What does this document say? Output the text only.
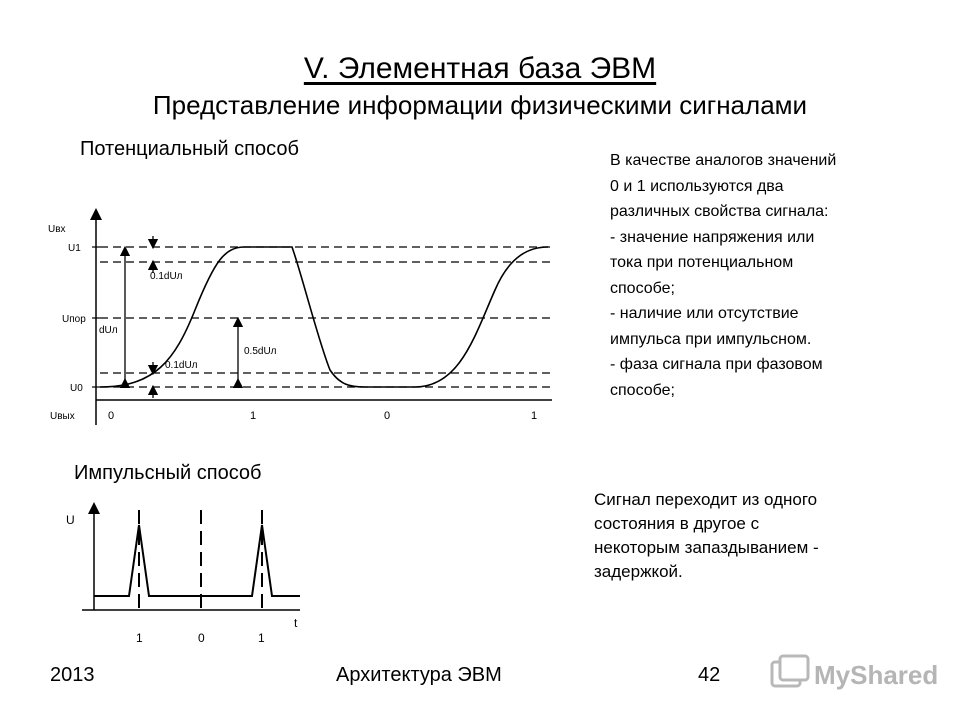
V. Элементная база ЭВМ
Представление информации физическими сигналами
Потенциальный способ
Uвх
U1
Uпор
U0
Uвых
dUл
0.1dUл
0.1dUл
0.5dUл
0	1	0	1
U
t
1	0	1
В качестве аналогов значений
0 и 1 используются два
различных свойства сигнала:
- значение напряжения или
тока при потенциальном
способе;
- наличие или отсутствие
импульса при импульсном.
- фаза сигнала при фазовом
способе;
Импульсный способ
Сигнал переходит из одного
состояния в другое с
некоторым запаздыванием -
задержкой.
2013	Архитектура ЭВМ	42	MyShared
